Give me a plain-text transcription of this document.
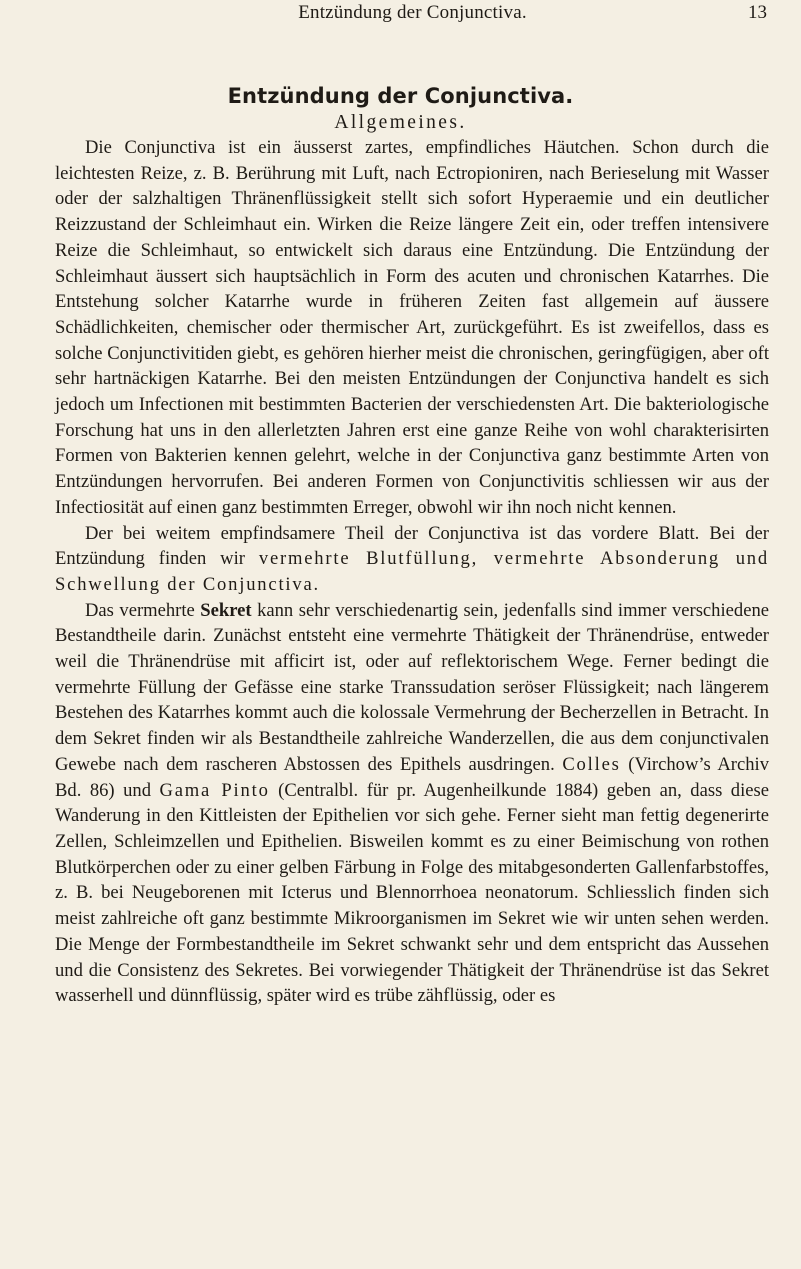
Entzündung der Conjunctiva.	13
Entzündung der Conjunctiva.
Allgemeines.

Die Conjunctiva ist ein äusserst zartes, empfindliches Häutchen. Schon durch die leichtesten Reize, z. B. Berührung mit Luft, nach Ectropioniren, nach Berieselung mit Wasser oder der salzhaltigen Thränenflüssigkeit stellt sich sofort Hyperaemie und ein deutlicher Reizzustand der Schleimhaut ein. Wirken die Reize längere Zeit ein, oder treffen intensivere Reize die Schleimhaut, so entwickelt sich daraus eine Entzündung. Die Entzündung der Schleimhaut äussert sich hauptsächlich in Form des acuten und chronischen Katarrhes. Die Entstehung solcher Katarrhe wurde in früheren Zeiten fast allgemein auf äussere Schädlichkeiten, chemischer oder thermischer Art, zurückgeführt. Es ist zweifellos, dass es solche Conjunctivitiden giebt, es gehören hierher meist die chronischen, geringfügigen, aber oft sehr hartnäckigen Katarrhe. Bei den meisten Entzündungen der Conjunctiva handelt es sich jedoch um Infectionen mit bestimmten Bacterien der verschiedensten Art. Die bakteriologische Forschung hat uns in den allerletzten Jahren erst eine ganze Reihe von wohl charakterisirten Formen von Bakterien kennen gelehrt, welche in der Conjunctiva ganz bestimmte Arten von Entzündungen hervorrufen. Bei anderen Formen von Conjunctivitis schliessen wir aus der Infectiosität auf einen ganz bestimmten Erreger, obwohl wir ihn noch nicht kennen.

Der bei weitem empfindsamere Theil der Conjunctiva ist das vordere Blatt. Bei der Entzündung finden wir vermehrte Blutfüllung, vermehrte Absonderung und Schwellung der Conjunctiva.

Das vermehrte Sekret kann sehr verschiedenartig sein, jedenfalls sind immer verschiedene Bestandtheile darin. Zunächst entsteht eine vermehrte Thätigkeit der Thränendrüse, entweder weil die Thränendrüse mit afficirt ist, oder auf reflektorischem Wege. Ferner bedingt die vermehrte Füllung der Gefässe eine starke Transsudation seröser Flüssigkeit; nach längerem Bestehen des Katarrhes kommt auch die kolossale Vermehrung der Becherzellen in Betracht. In dem Sekret finden wir als Bestandtheile zahlreiche Wanderzellen, die aus dem conjunctivalen Gewebe nach dem rascheren Abstossen des Epithels ausdringen. Colles (Virchow’s Archiv Bd. 86) und Gama Pinto (Centralbl. für pr. Augenheilkunde 1884) geben an, dass diese Wanderung in den Kittleisten der Epithelien vor sich gehe. Ferner sieht man fettig degenerirte Zellen, Schleimzellen und Epithelien. Bisweilen kommt es zu einer Beimischung von rothen Blutkörperchen oder zu einer gelben Färbung in Folge des mitabgesonderten Gallenfarbstoffes, z. B. bei Neugeborenen mit Icterus und Blennorrhoea neonatorum. Schliesslich finden sich meist zahlreiche oft ganz bestimmte Mikroorganismen im Sekret wie wir unten sehen werden. Die Menge der Formbestandtheile im Sekret schwankt sehr und dem entspricht das Aussehen und die Consistenz des Sekretes. Bei vorwiegender Thätigkeit der Thränendrüse ist das Sekret wasserhell und dünnflüssig, später wird es trübe zähflüssig, oder es
